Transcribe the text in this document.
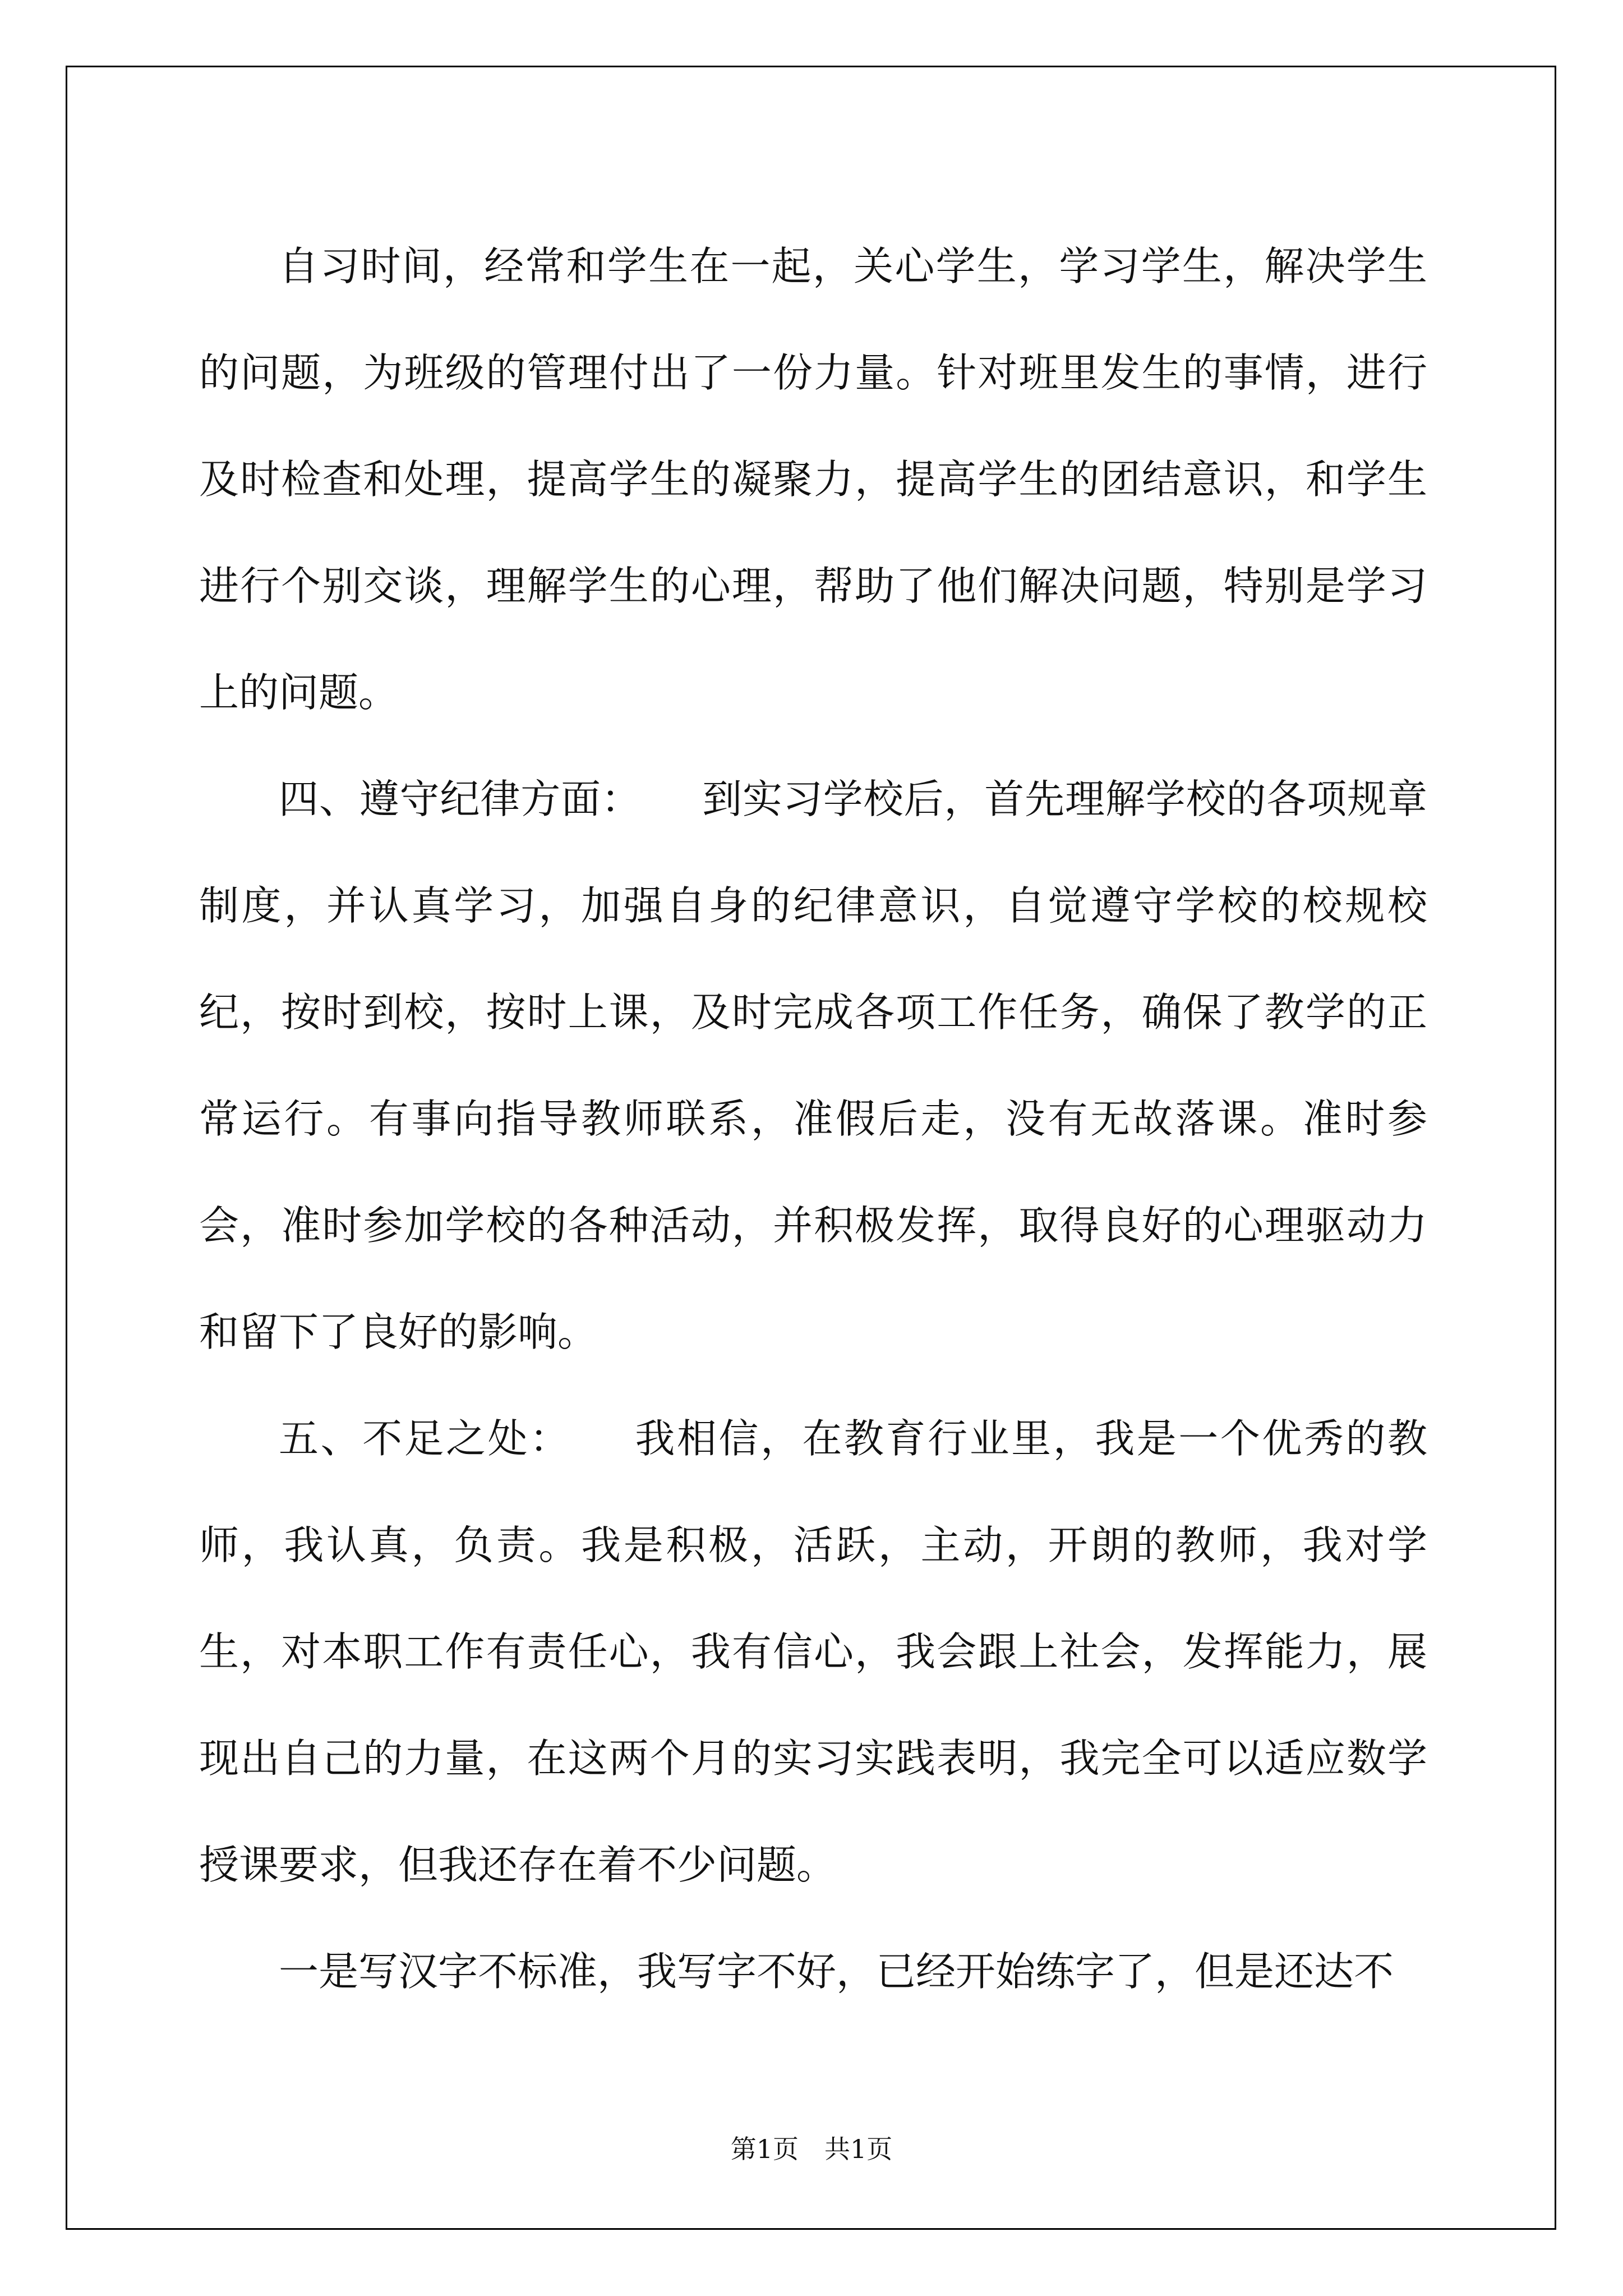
自习时间，经常和学生在一起，关心学生，学习学生，解决学生的问题，为班级的管理付出了一份力量。针对班里发生的事情，进行及时检查和处理，提高学生的凝聚力，提高学生的团结意识，和学生进行个别交谈，理解学生的心理，帮助了他们解决问题，特别是学习上的问题。

四、遵守纪律方面：　　到实习学校后，首先理解学校的各项规章制度，并认真学习，加强自身的纪律意识，自觉遵守学校的校规校纪，按时到校，按时上课，及时完成各项工作任务，确保了教学的正常运行。有事向指导教师联系，准假后走，没有无故落课。准时参会，准时参加学校的各种活动，并积极发挥，取得良好的心理驱动力和留下了良好的影响。

五、不足之处：　　我相信，在教育行业里，我是一个优秀的教师，我认真，负责。我是积极，活跃，主动，开朗的教师，我对学生，对本职工作有责任心，我有信心，我会跟上社会，发挥能力，展现出自己的力量，在这两个月的实习实践表明，我完全可以适应数学授课要求，但我还存在着不少问题。

一是写汉字不标准，我写字不好，已经开始练字了，但是还达不

第1页　共1页
